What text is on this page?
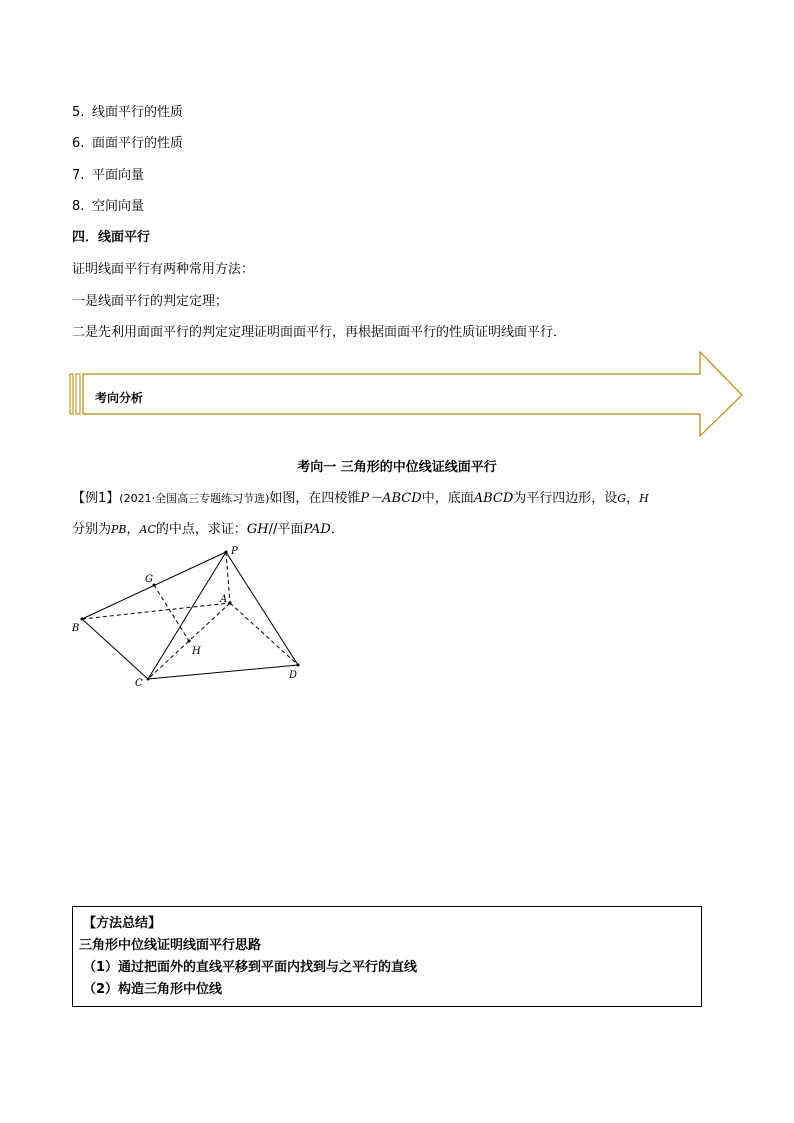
5. 线面平行的性质
6. 面面平行的性质
7. 平面向量
8. 空间向量
四．线面平行
证明线面平行有两种常用方法：
一是线面平行的判定定理；
二是先利用面面平行的判定定理证明面面平行，再根据面面平行的性质证明线面平行．
考向分析
考向一 三角形的中位线证线面平行
【例1】(2021·全国高三专题练习节选)如图，在四棱锥P－ABCD中，底面ABCD为平行四边形，设G，H
分别为PB，AC的中点，求证：GH//平面PAD．
P
G
A
B
H
C
D
【方法总结】
三角形中位线证明线面平行思路
（1）通过把面外的直线平移到平面内找到与之平行的直线
（2）构造三角形中位线
